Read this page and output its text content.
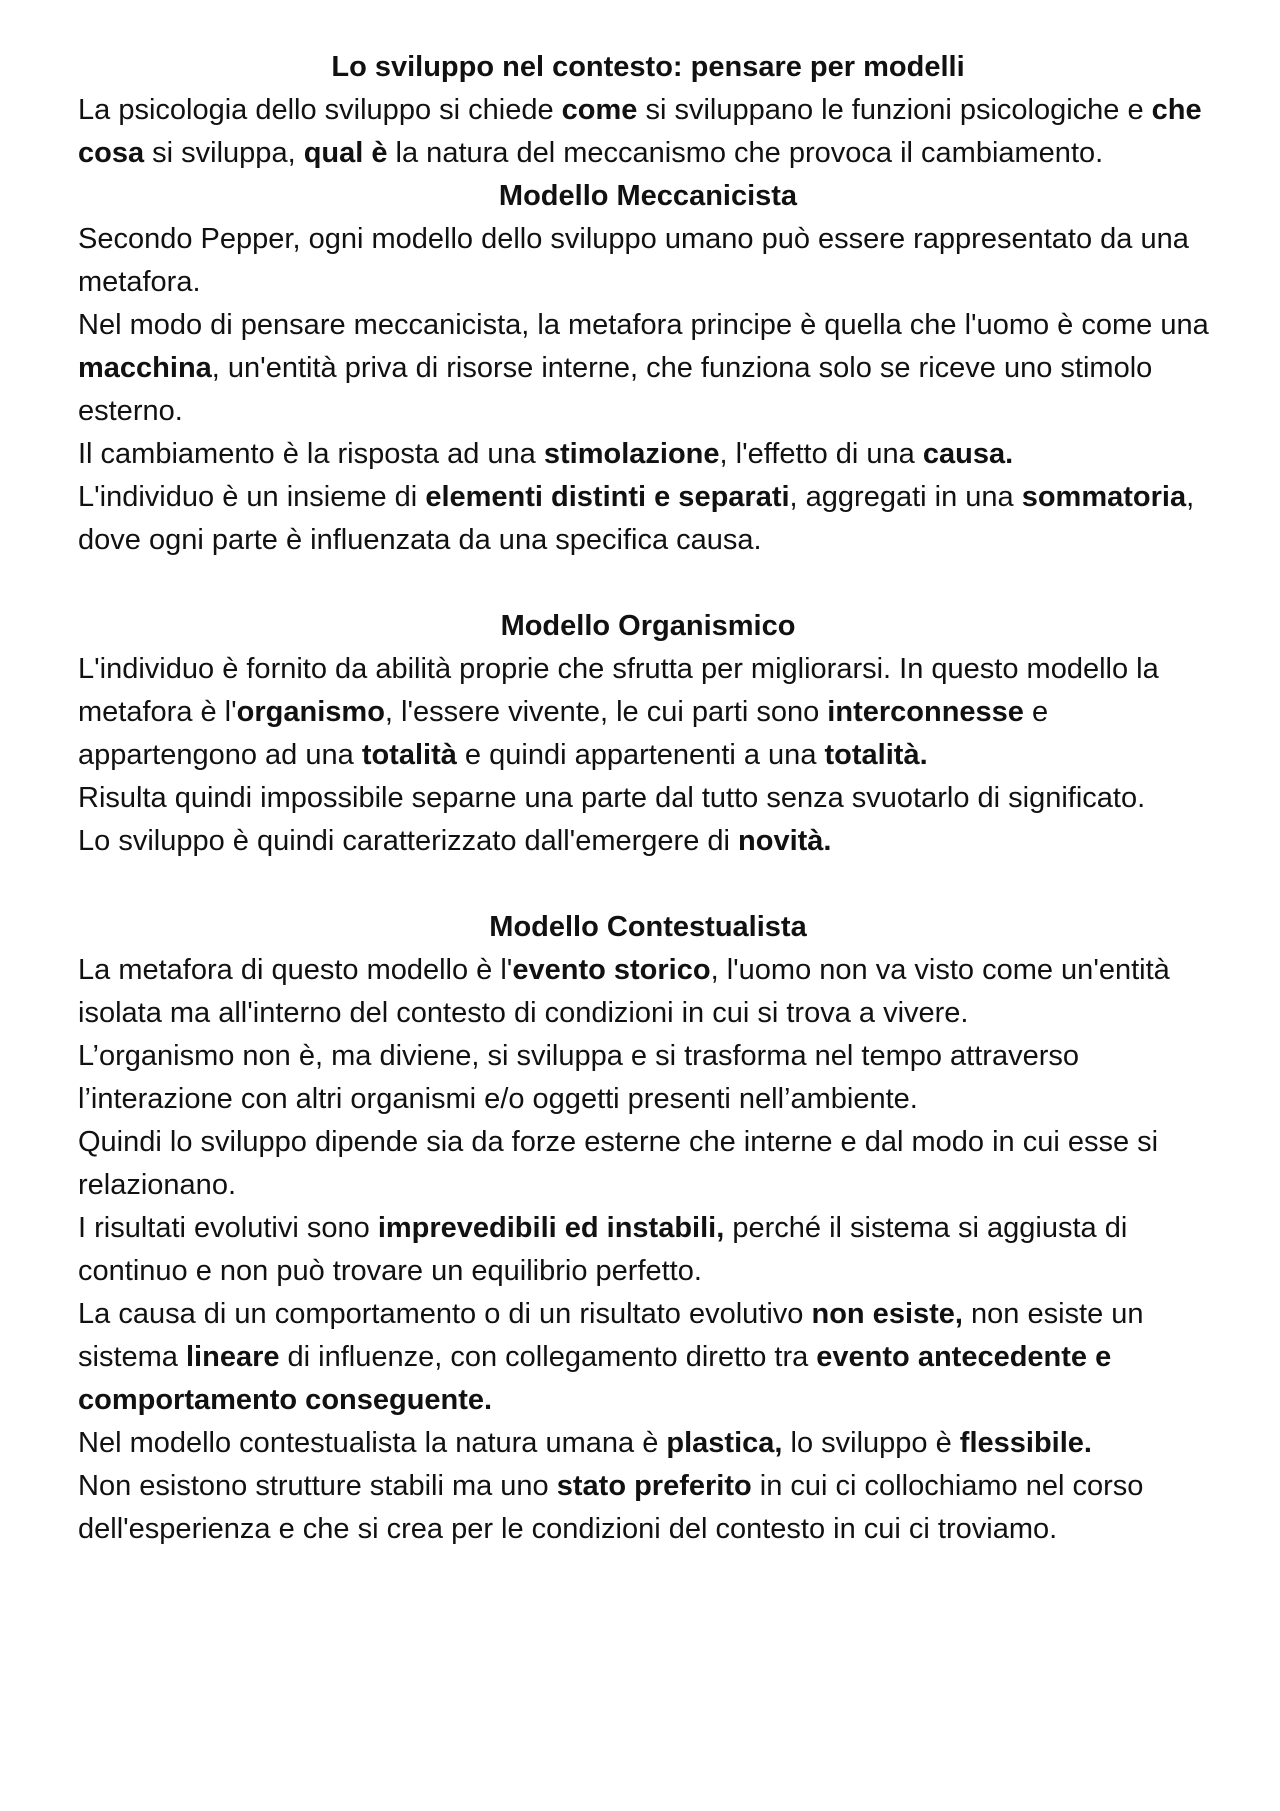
Lo sviluppo nel contesto: pensare per modelli

La psicologia dello sviluppo si chiede come si sviluppano le funzioni psicologiche e che cosa si sviluppa, qual è la natura del meccanismo che provoca il cambiamento.

Modello Meccanicista

Secondo Pepper, ogni modello dello sviluppo umano può essere rappresentato da una metafora.

Nel modo di pensare meccanicista, la metafora principe è quella che l'uomo è come una macchina, un'entità priva di risorse interne, che funziona solo se riceve uno stimolo esterno.

Il cambiamento è la risposta ad una stimolazione, l'effetto di una causa.

L'individuo è un insieme di elementi distinti e separati, aggregati in una sommatoria, dove ogni parte è influenzata da una specifica causa.

Modello Organismico

L'individuo è fornito da abilità proprie che sfrutta per migliorarsi. In questo modello la metafora è l'organismo, l'essere vivente, le cui parti sono interconnesse e appartengono ad una totalità e quindi appartenenti a una totalità.

Risulta quindi impossibile separne una parte dal tutto senza svuotarlo di significato.

Lo sviluppo è quindi caratterizzato dall'emergere di novità.

Modello Contestualista

La metafora di questo modello è l'evento storico, l'uomo non va visto come un'entità isolata ma all'interno del contesto di condizioni in cui si trova a vivere.

L’organismo non è, ma diviene, si sviluppa e si trasforma nel tempo attraverso l’interazione con altri organismi e/o oggetti presenti nell’ambiente.

Quindi lo sviluppo dipende sia da forze esterne che interne e dal modo in cui esse si relazionano.

I risultati evolutivi sono imprevedibili ed instabili, perché il sistema si aggiusta di continuo e non può trovare un equilibrio perfetto.

La causa di un comportamento o di un risultato evolutivo non esiste, non esiste un sistema lineare di influenze, con collegamento diretto tra evento antecedente e comportamento conseguente.

Nel modello contestualista la natura umana è plastica, lo sviluppo è flessibile.

Non esistono strutture stabili ma uno stato preferito in cui ci collochiamo nel corso dell'esperienza e che si crea per le condizioni del contesto in cui ci troviamo.
